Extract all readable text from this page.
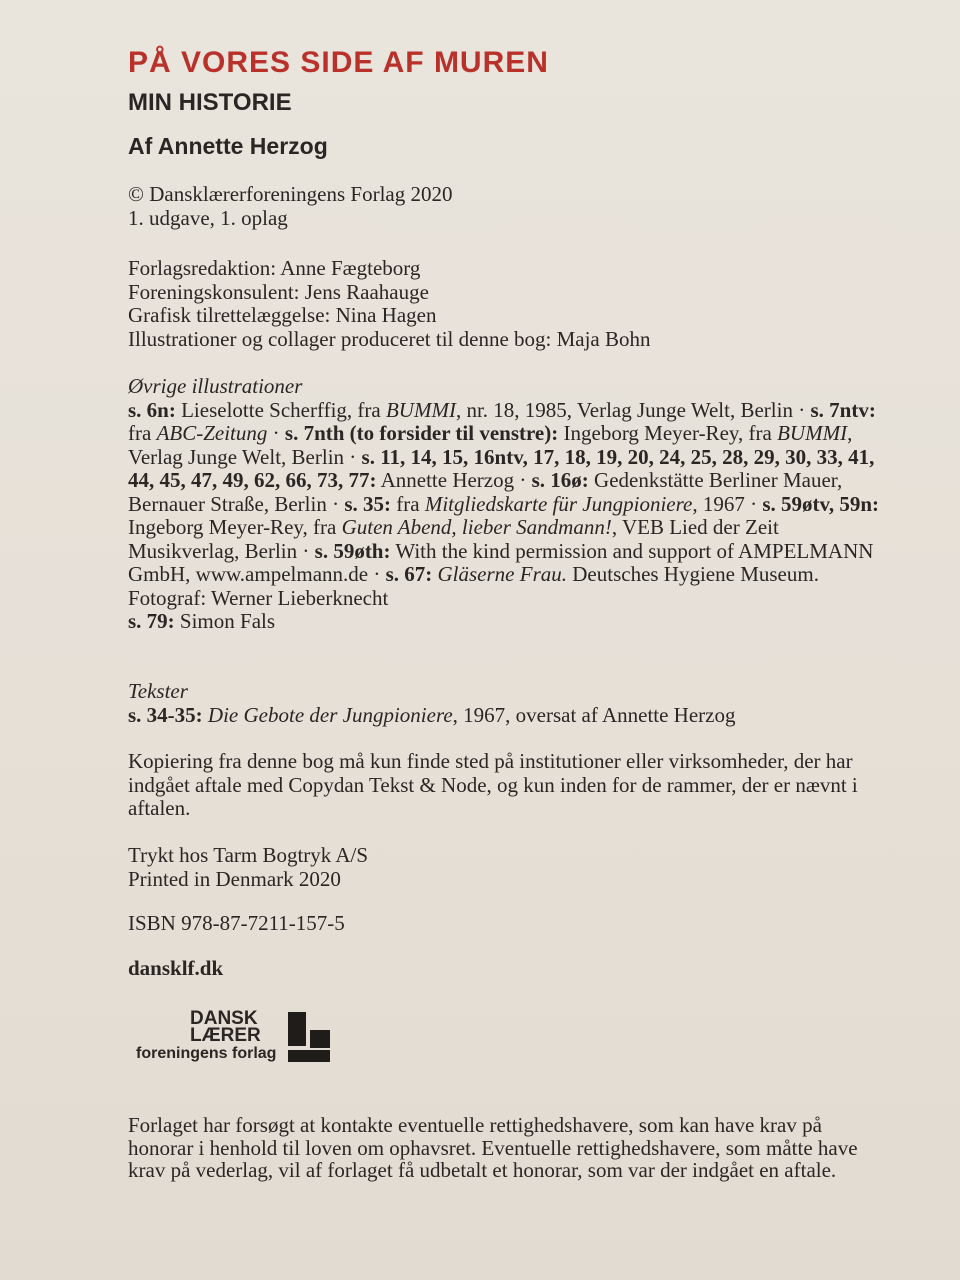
PÅ VORES SIDE AF MUREN
MIN HISTORIE
Af Annette Herzog

© Dansklærerforeningens Forlag 2020

1. udgave, 1. oplag

Forlagsredaktion: Anne Fægteborg

Foreningskonsulent: Jens Raahauge

Grafisk tilrettelæggelse: Nina Hagen

Illustrationer og collager produceret til denne bog: Maja Bohn

Øvrige illustrationer

s. 6n: Lieselotte Scherffig, fra BUMMI, nr. 18, 1985, Verlag Junge Welt, Berlin · s. 7ntv: fra ABC-Zeitung · s. 7nth (to forsider til venstre): Ingeborg Meyer-Rey, fra BUMMI, Verlag Junge Welt, Berlin · s. 11, 14, 15, 16ntv, 17, 18, 19, 20, 24, 25, 28, 29, 30, 33, 41, 44, 45, 47, 49, 62, 66, 73, 77: Annette Herzog · s. 16ø: Gedenkstätte Berliner Mauer, Bernauer Straße, Berlin · s. 35: fra Mitgliedskarte für Jungpioniere, 1967 · s. 59øtv, 59n: Ingeborg Meyer-Rey, fra Guten Abend, lieber Sandmann!, VEB Lied der Zeit Musikverlag, Berlin · s. 59øth: With the kind permission and support of AMPELMANN GmbH, www.ampelmann.de · s. 67: Gläserne Frau. Deutsches Hygiene Museum. Fotograf: Werner Lieberknecht
s. 79: Simon Fals

Tekster

s. 34-35: Die Gebote der Jungpioniere, 1967, oversat af Annette Herzog

Kopiering fra denne bog må kun finde sted på institutioner eller virksomheder, der har indgået aftale med Copydan Tekst & Node, og kun inden for de rammer, der er nævnt i aftalen.

Trykt hos Tarm Bogtryk A/S

Printed in Denmark 2020

ISBN 978-87-7211-157-5
dansklf.dk
DANSK
LÆRER
foreningens forlag
Forlaget har forsøgt at kontakte eventuelle rettighedshavere, som kan have krav på honorar i henhold til loven om ophavsret. Eventuelle rettighedshavere, som måtte have krav på vederlag, vil af forlaget få udbetalt et honorar, som var der indgået en aftale.
